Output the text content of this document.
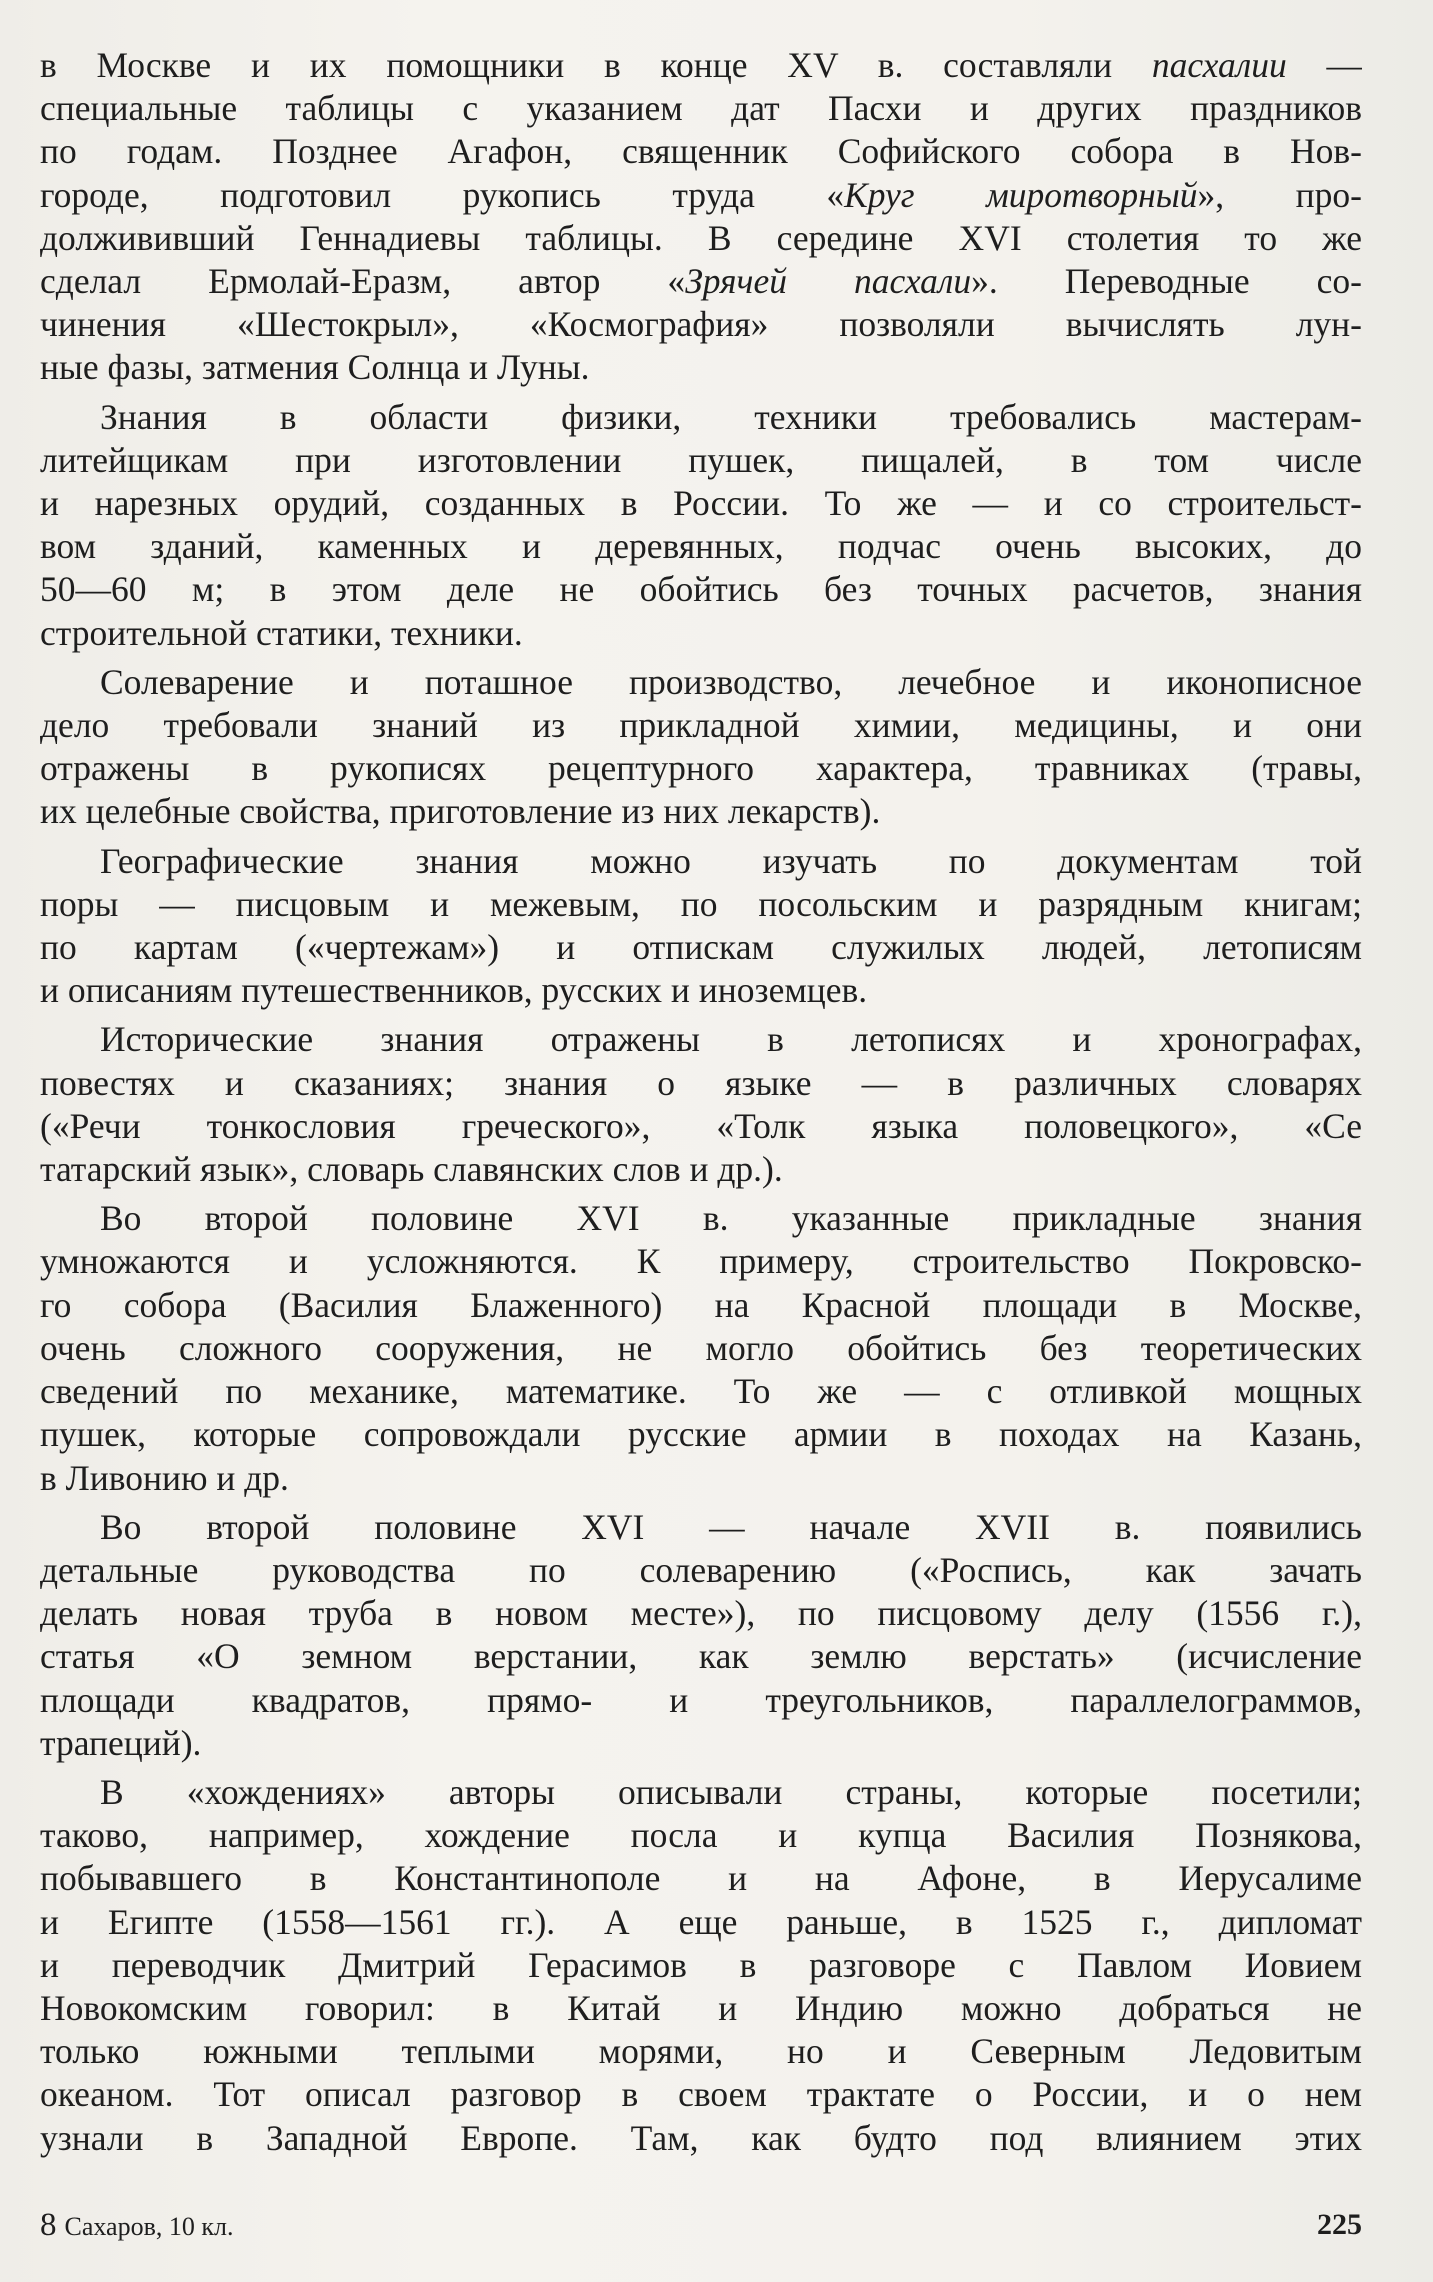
в Москве и их помощники в конце XV в. составляли пасхалии —
специальные таблицы с указанием дат Пасхи и других праздников
по годам. Позднее Агафон, священник Софийского собора в Нов-
городе, подготовил рукопись труда «Круг миротворный», про-
должививший Геннадиевы таблицы. В середине XVI столетия то же
сделал Ермолай-Еразм, автор «Зрячей пасхали». Переводные со-
чинения «Шестокрыл», «Космография» позволяли вычислять лун-
ные фазы, затмения Солнца и Луны.
Знания в области физики, техники требовались мастерам-
литейщикам при изготовлении пушек, пищалей, в том числе
и нарезных орудий, созданных в России. То же — и со строительст-
вом зданий, каменных и деревянных, подчас очень высоких, до
50—60 м; в этом деле не обойтись без точных расчетов, знания
строительной статики, техники.
Солеварение и поташное производство, лечебное и иконописное
дело требовали знаний из прикладной химии, медицины, и они
отражены в рукописях рецептурного характера, травниках (травы,
их целебные свойства, приготовление из них лекарств).
Географические знания можно изучать по документам той
поры — писцовым и межевым, по посольским и разрядным книгам;
по картам («чертежам») и отпискам служилых людей, летописям
и описаниям путешественников, русских и иноземцев.
Исторические знания отражены в летописях и хронографах,
повестях и сказаниях; знания о языке — в различных словарях
(«Речи тонкословия греческого», «Толк языка половецкого», «Се
татарский язык», словарь славянских слов и др.).
Во второй половине XVI в. указанные прикладные знания
умножаются и усложняются. К примеру, строительство Покровско-
го собора (Василия Блаженного) на Красной площади в Москве,
очень сложного сооружения, не могло обойтись без теоретических
сведений по механике, математике. То же — с отливкой мощных
пушек, которые сопровождали русские армии в походах на Казань,
в Ливонию и др.
Во второй половине XVI — начале XVII в. появились
детальные руководства по солеварению («Роспись, как зачать
делать новая труба в новом месте»), по писцовому делу (1556 г.),
статья «О земном верстании, как землю верстать» (исчисление
площади квадратов, прямо- и треугольников, параллелограммов,
трапеций).
В «хождениях» авторы описывали страны, которые посетили;
таково, например, хождение посла и купца Василия Познякова,
побывавшего в Константинополе и на Афоне, в Иерусалиме
и Египте (1558—1561 гг.). А еще раньше, в 1525 г., дипломат
и переводчик Дмитрий Герасимов в разговоре с Павлом Иовием
Новокомским говорил: в Китай и Индию можно добраться не
только южными теплыми морями, но и Северным Ледовитым
океаном. Тот описал разговор в своем трактате о России, и о нем
узнали в Западной Европе. Там, как будто под влиянием этих
8 Сахаров, 10 кл.	225
